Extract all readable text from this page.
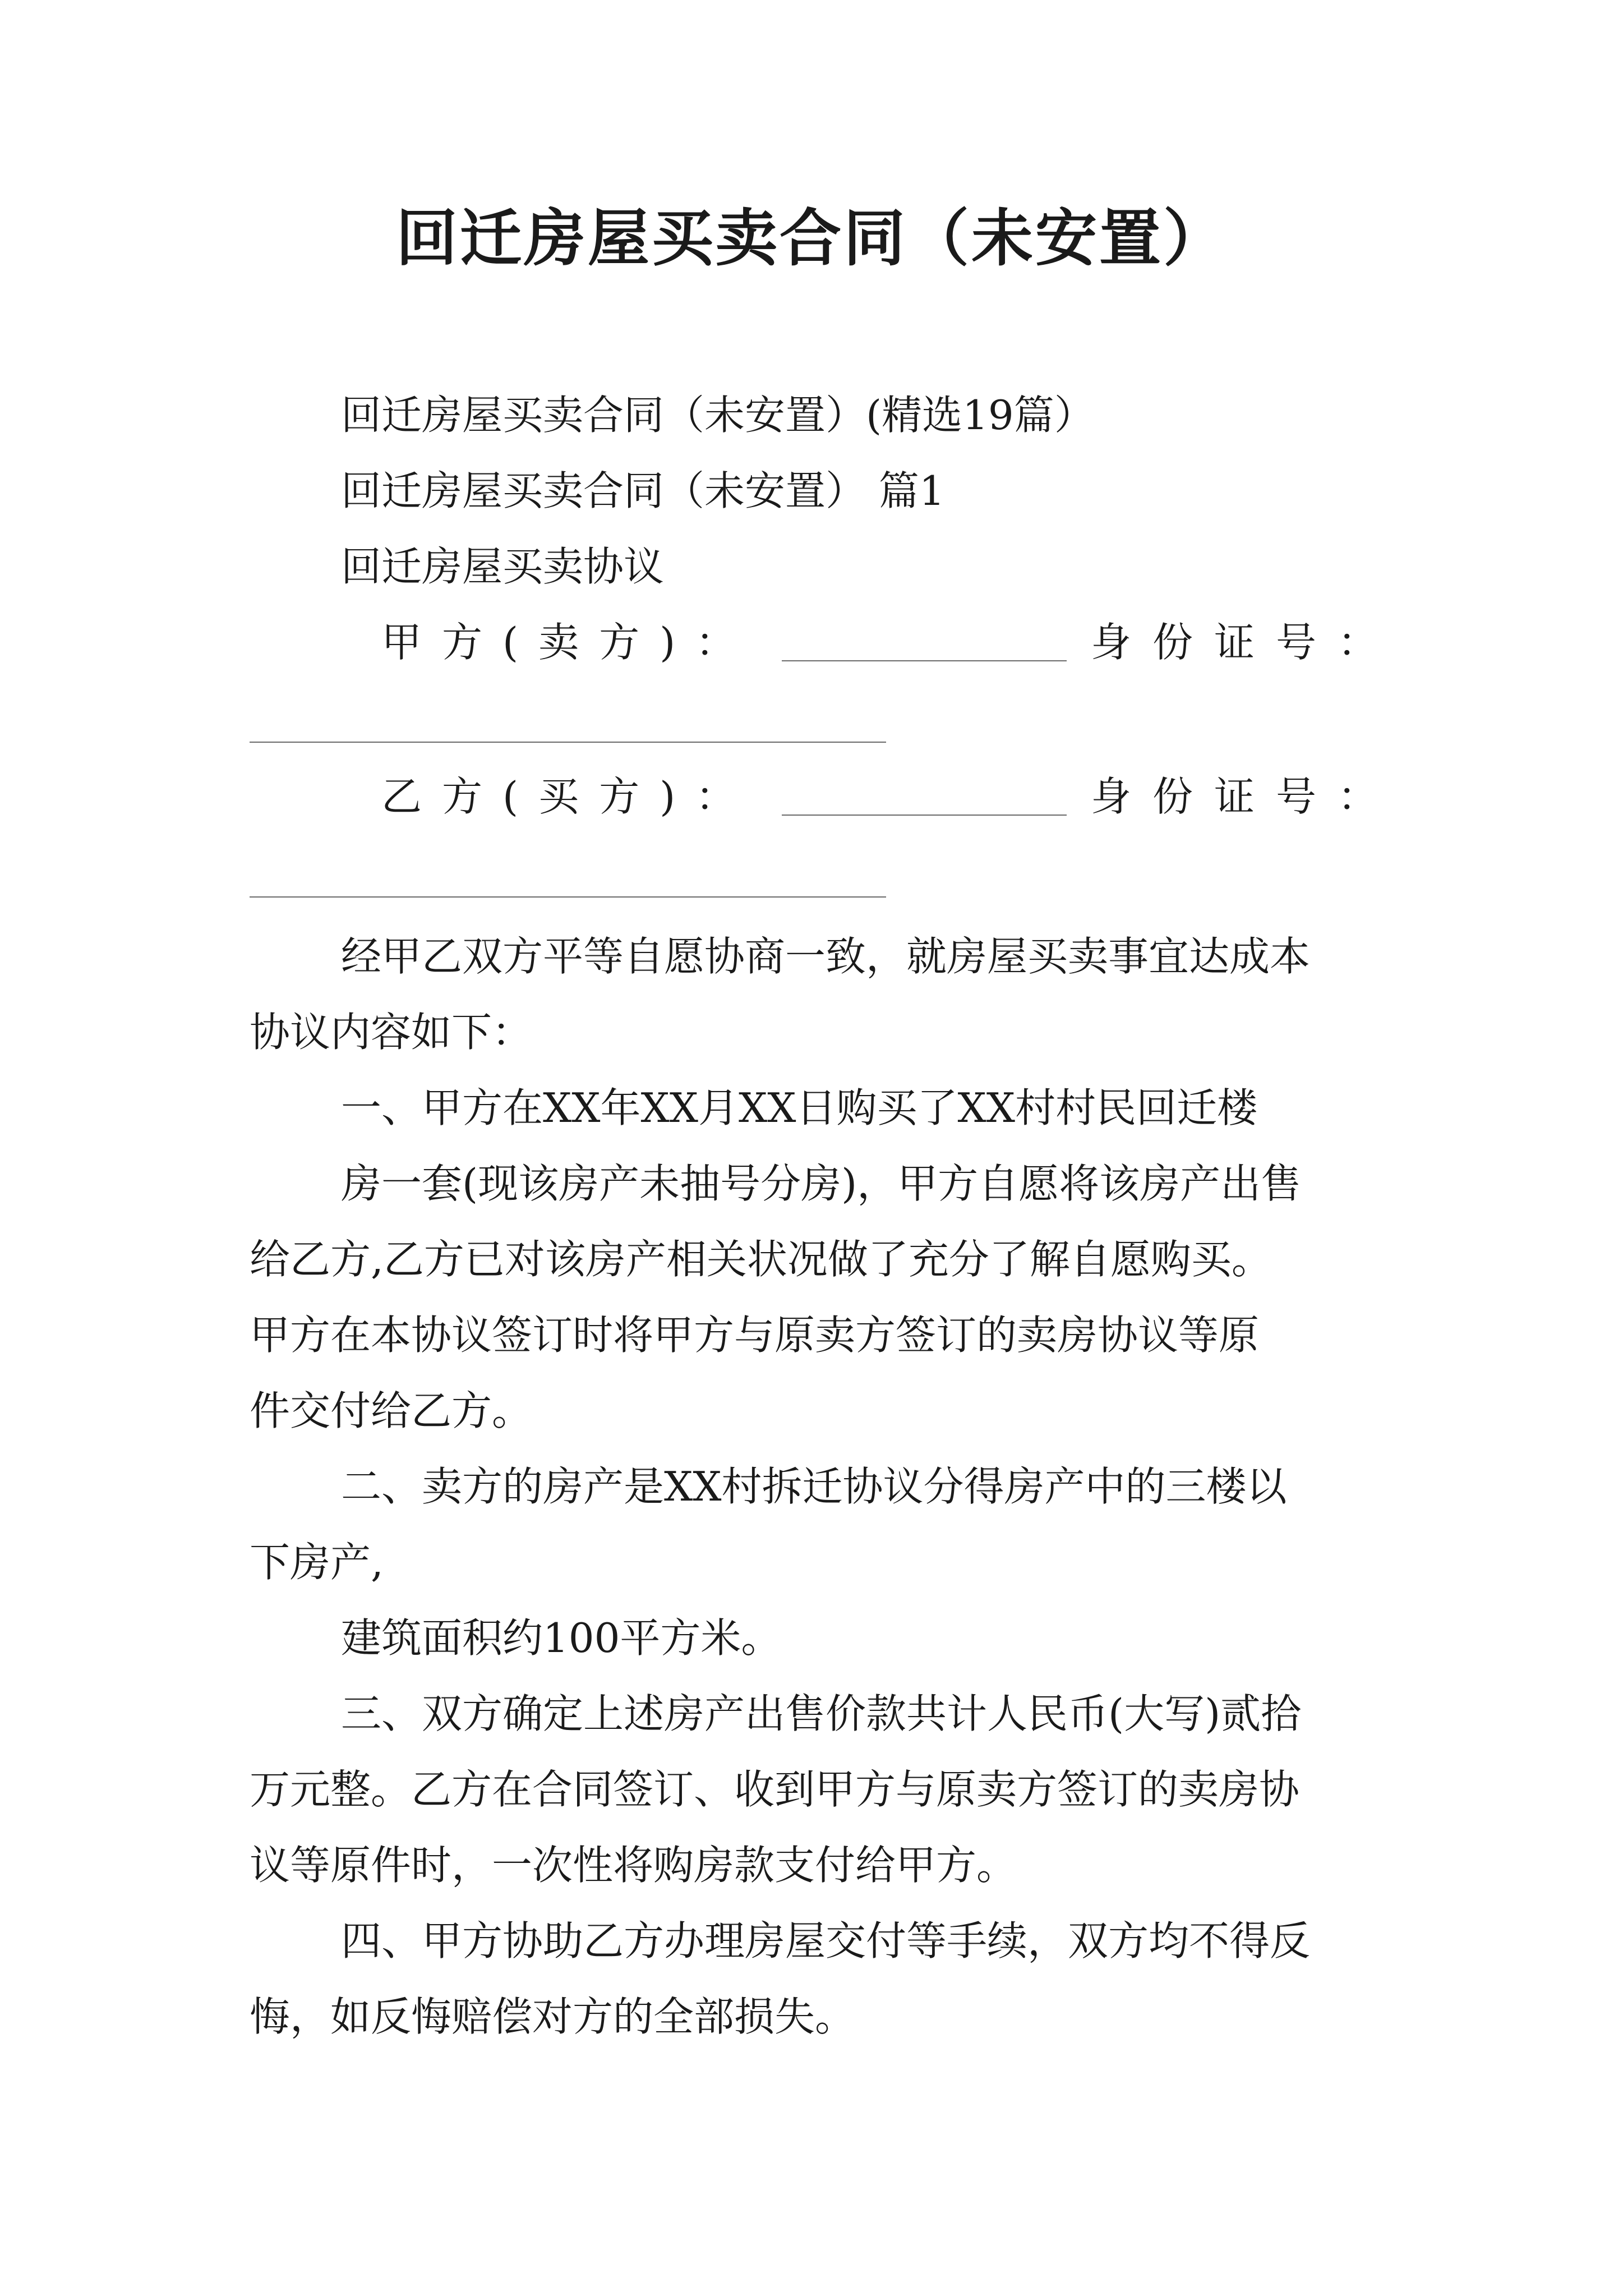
回迁房屋买卖合同（未安置）
回迁房屋买卖合同（未安置）(精选19篇）
回迁房屋买卖合同（未安置） 篇1
回迁房屋买卖协议
甲方(卖方)：	身份证号：
乙方(买方)：	身份证号：
经甲乙双方平等自愿协商一致，就房屋买卖事宜达成本
协议内容如下：
一、甲方在XX年XX月XX日购买了XX村村民回迁楼
房一套(现该房产未抽号分房)，甲方自愿将该房产出售
给乙方,乙方已对该房产相关状况做了充分了解自愿购买。
甲方在本协议签订时将甲方与原卖方签订的卖房协议等原
件交付给乙方。
二、卖方的房产是XX村拆迁协议分得房产中的三楼以
下房产,
建筑面积约100平方米。
三、双方确定上述房产出售价款共计人民币(大写)贰拾
万元整。乙方在合同签订、收到甲方与原卖方签订的卖房协
议等原件时，一次性将购房款支付给甲方。
四、甲方协助乙方办理房屋交付等手续，双方均不得反
悔，如反悔赔偿对方的全部损失。
